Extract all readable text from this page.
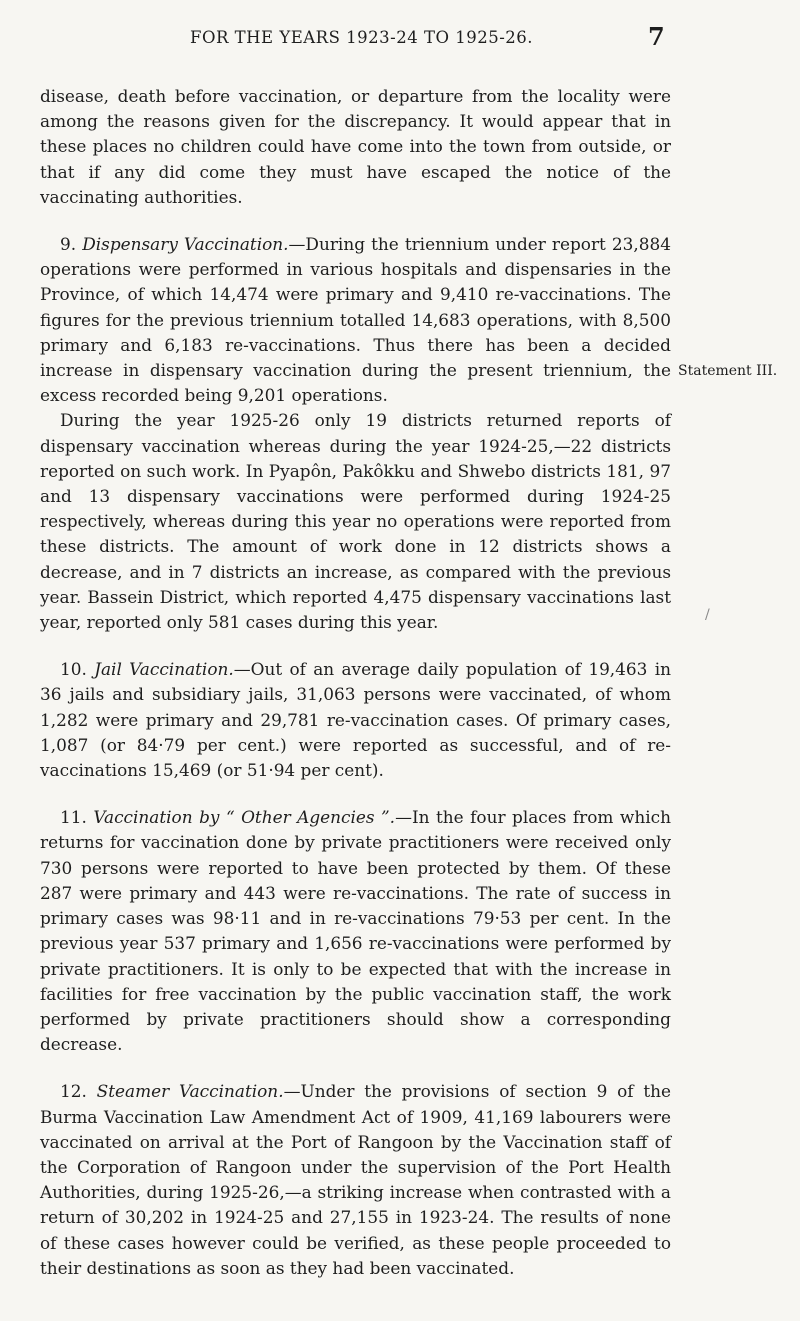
FOR THE YEARS 1923-24 TO 1925-26.	7
Statement III.
/

disease, death before vaccination, or departure from the locality were among the reasons given for the discrepancy. It would appear that in these places no children could have come into the town from outside, or that if any did come they must have escaped the notice of the vaccinating authorities.

9. Dispensary Vaccination.—During the triennium under report 23,884 operations were performed in various hospitals and dispensaries in the Province, of which 14,474 were primary and 9,410 re-vaccinations. The figures for the previous triennium totalled 14,683 operations, with 8,500 primary and 6,183 re-vaccinations. Thus there has been a decided increase in dispensary vaccination during the present triennium, the excess recorded being 9,201 operations.

During the year 1925-26 only 19 districts returned reports of dispensary vaccination whereas during the year 1924-25,—22 districts reported on such work. In Pyapôn, Pakôkku and Shwebo districts 181, 97 and 13 dispensary vaccinations were performed during 1924-25 respectively, whereas during this year no operations were reported from these districts. The amount of work done in 12 districts shows a decrease, and in 7 districts an increase, as compared with the previous year. Bassein District, which reported 4,475 dispensary vaccinations last year, reported only 581 cases during this year.

10. Jail Vaccination.—Out of an average daily population of 19,463 in 36 jails and subsidiary jails, 31,063 persons were vaccinated, of whom 1,282 were primary and 29,781 re-vaccination cases. Of primary cases, 1,087 (or 84·79 per cent.) were reported as successful, and of re-vaccinations 15,469 (or 51·94 per cent).

11. Vaccination by “ Other Agencies ”.—In the four places from which returns for vaccination done by private practitioners were received only 730 persons were reported to have been protected by them. Of these 287 were primary and 443 were re-vaccinations. The rate of success in primary cases was 98·11 and in re-vaccinations 79·53 per cent. In the previous year 537 primary and 1,656 re-vaccinations were performed by private practitioners. It is only to be expected that with the increase in facilities for free vaccination by the public vaccination staff, the work performed by private practitioners should show a corresponding decrease.

12. Steamer Vaccination.—Under the provisions of section 9 of the Burma Vaccination Law Amendment Act of 1909, 41,169 labourers were vaccinated on arrival at the Port of Rangoon by the Vaccination staff of the Corporation of Rangoon under the supervision of the Port Health Authorities, during 1925-26,—a striking increase when contrasted with a return of 30,202 in 1924-25 and 27,155 in 1923-24. The results of none of these cases however could be verified, as these people proceeded to their destinations as soon as they had been vaccinated.
